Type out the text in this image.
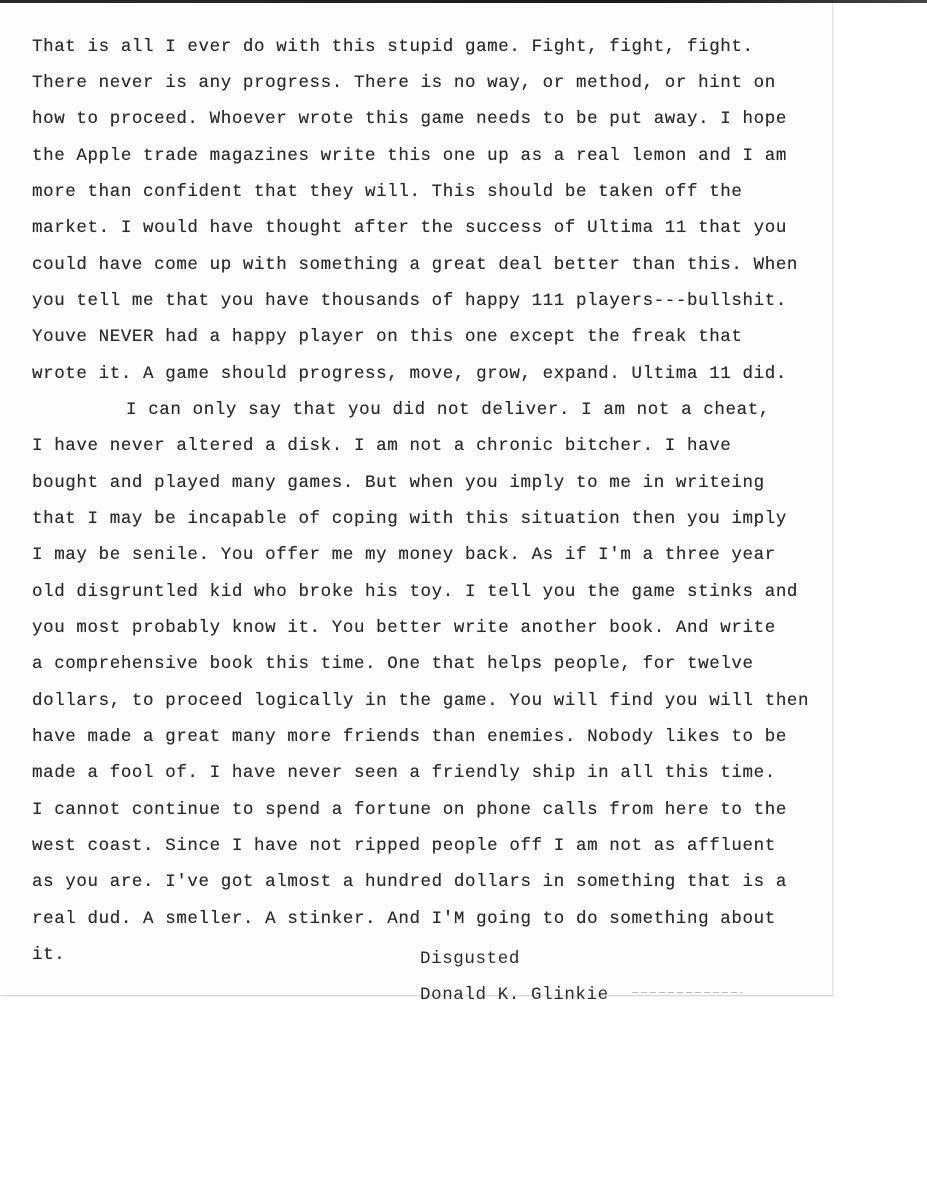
That is all I ever do with this stupid game. Fight, fight, fight.

There never is any progress. There is no way, or method, or hint on

how to proceed. Whoever wrote this game needs to be put away. I hope

the Apple trade magazines write this one up as a real lemon and I am

more than confident that they will. This should be taken off the

market. I would have thought after the success of Ultima 11 that you

could have come up with something a great deal better than this. When

you tell me that you have thousands of happy 111 players---bullshit.

Youve NEVER had a happy player on this one except the freak that

wrote it. A game should progress, move, grow, expand. Ultima 11 did.

I can only say that you did not deliver. I am not a cheat,

I have never altered a disk. I am not a chronic bitcher. I have

bought and played many games. But when you imply to me in writeing

that I may be incapable of coping with this situation then you imply

I may be senile. You offer me my money back. As if I'm a three year

old disgruntled kid who broke his toy. I tell you the game stinks and

you most probably know it. You better write another book. And write

a comprehensive book this time. One that helps people, for twelve

dollars, to proceed logically in the game. You will find you will then

have made a great many more friends than enemies. Nobody likes to be

made a fool of. I have never seen a friendly ship in all this time.

I cannot continue to spend a fortune on phone calls from here to the

west coast. Since I have not ripped people off I am not as affluent

as you are. I've got almost a hundred dollars in something that is a

real dud. A smeller. A stinker. And I'M going to do something about

it.	Disgusted

Donald K. Glinkie
